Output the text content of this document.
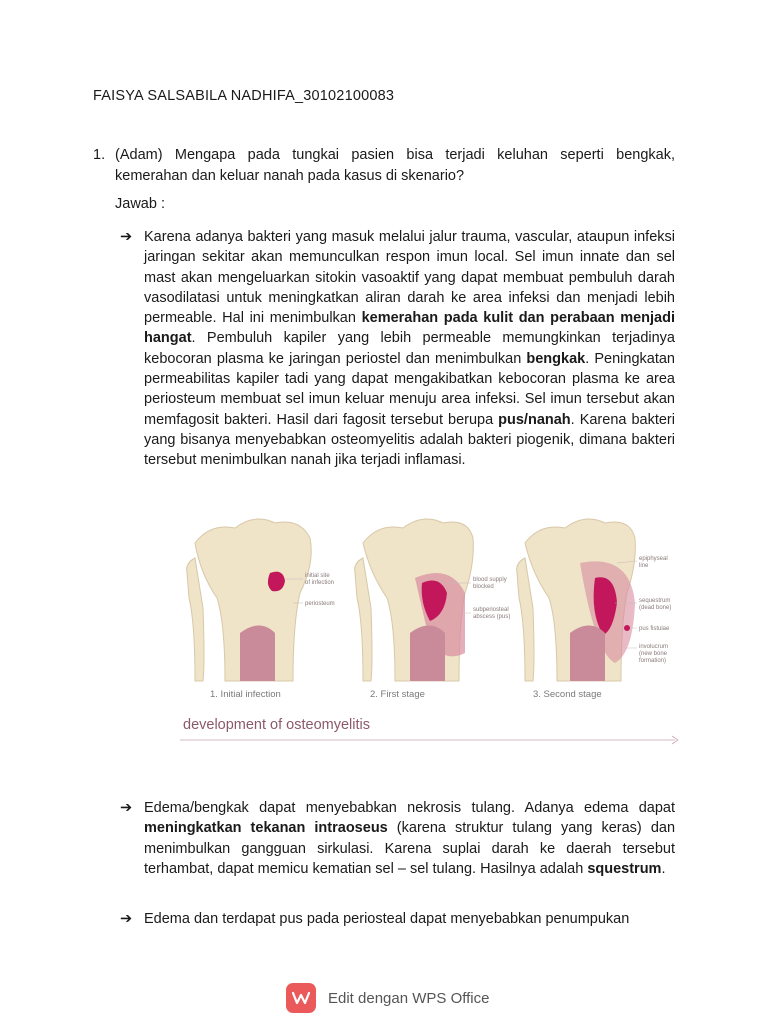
FAISYA SALSABILA NADHIFA_30102100083
1. (Adam) Mengapa pada tungkai pasien bisa terjadi keluhan seperti bengkak, kemerahan dan keluar nanah pada kasus di skenario?
Jawab :
➔ Karena adanya bakteri yang masuk melalui jalur trauma, vascular, ataupun infeksi jaringan sekitar akan memunculkan respon imun local. Sel imun innate dan sel mast akan mengeluarkan sitokin vasoaktif yang dapat membuat pembuluh darah vasodilatasi untuk meningkatkan aliran darah ke area infeksi dan menjadi lebih permeable. Hal ini menimbulkan kemerahan pada kulit dan perabaan menjadi hangat. Pembuluh kapiler yang lebih permeable memungkinkan terjadinya kebocoran plasma ke jaringan periostel dan menimbulkan bengkak. Peningkatan permeabilitas kapiler tadi yang dapat mengakibatkan kebocoran plasma ke area periosteum membuat sel imun keluar menuju area infeksi. Sel imun tersebut akan memfagosit bakteri. Hasil dari fagosit tersebut berupa pus/nanah. Karena bakteri yang bisanya menyebabkan osteomyelitis adalah bakteri piogenik, dimana bakteri tersebut menimbulkan nanah jika terjadi inflamasi.
initial site
of infection
periosteum
1. Initial infection
blood supply
blocked
subperiosteal
abscess (pus)
2. First stage
epiphyseal
line
sequestrum
(dead bone)
pus fistulae
involucrum
(new bone
formation)
3. Second stage
development of osteomyelitis
➔ Edema/bengkak dapat menyebabkan nekrosis tulang. Adanya edema dapat meningkatkan tekanan intraoseus (karena struktur tulang yang keras) dan menimbulkan gangguan sirkulasi. Karena suplai darah ke daerah tersebut terhambat, dapat memicu kematian sel – sel tulang. Hasilnya adalah squestrum.
➔ Edema dan terdapat pus pada periosteal dapat menyebabkan penumpukan
Edit dengan WPS Office
